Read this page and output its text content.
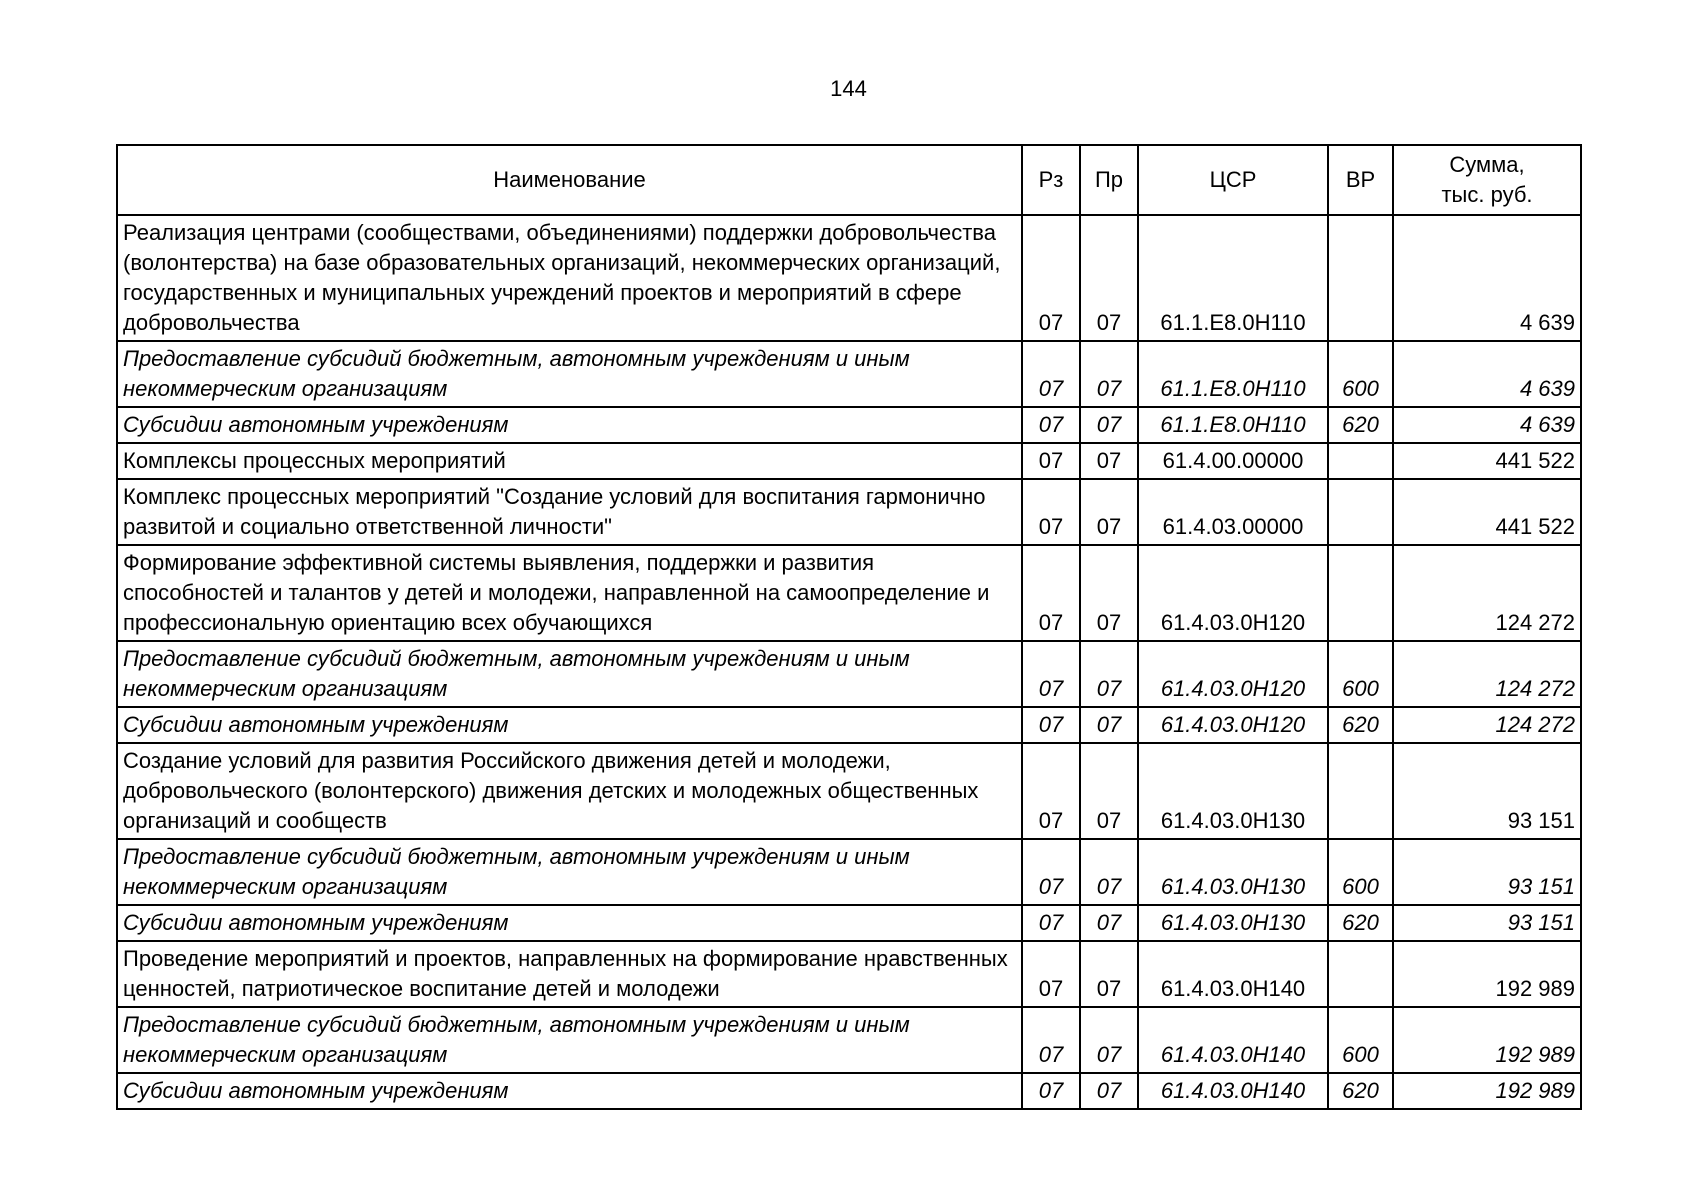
144
Наименование	Рз	Пр	ЦСР	ВР	Сумма,
тыс. руб.
Реализация центрами (сообществами, объединениями) поддержки добровольчества (волонтерства) на базе образовательных организаций, некоммерческих организаций, государственных и муниципальных учреждений проектов и мероприятий в сфере добровольчества	07	07	61.1.E8.0H110		4 639
Предоставление субсидий бюджетным, автономным учреждениям и иным некоммерческим организациям	07	07	61.1.E8.0H110	600	4 639
Субсидии автономным учреждениям	07	07	61.1.E8.0H110	620	4 639
Комплексы процессных мероприятий	07	07	61.4.00.00000		441 522
Комплекс процессных мероприятий "Создание условий для воспитания гармонично развитой и социально ответственной личности"	07	07	61.4.03.00000		441 522
Формирование эффективной системы выявления, поддержки и развития способностей и талантов у детей и молодежи, направленной на самоопределение и профессиональную ориентацию всех обучающихся	07	07	61.4.03.0H120		124 272
Предоставление субсидий бюджетным, автономным учреждениям и иным некоммерческим организациям	07	07	61.4.03.0H120	600	124 272
Субсидии автономным учреждениям	07	07	61.4.03.0H120	620	124 272
Создание условий для развития Российского движения детей и молодежи, добровольческого (волонтерского) движения детских и молодежных общественных организаций и сообществ	07	07	61.4.03.0H130		93 151
Предоставление субсидий бюджетным, автономным учреждениям и иным некоммерческим организациям	07	07	61.4.03.0H130	600	93 151
Субсидии автономным учреждениям	07	07	61.4.03.0H130	620	93 151
Проведение мероприятий и проектов, направленных на формирование нравственных ценностей, патриотическое воспитание детей и молодежи	07	07	61.4.03.0H140		192 989
Предоставление субсидий бюджетным, автономным учреждениям и иным некоммерческим организациям	07	07	61.4.03.0H140	600	192 989
Субсидии автономным учреждениям	07	07	61.4.03.0H140	620	192 989
